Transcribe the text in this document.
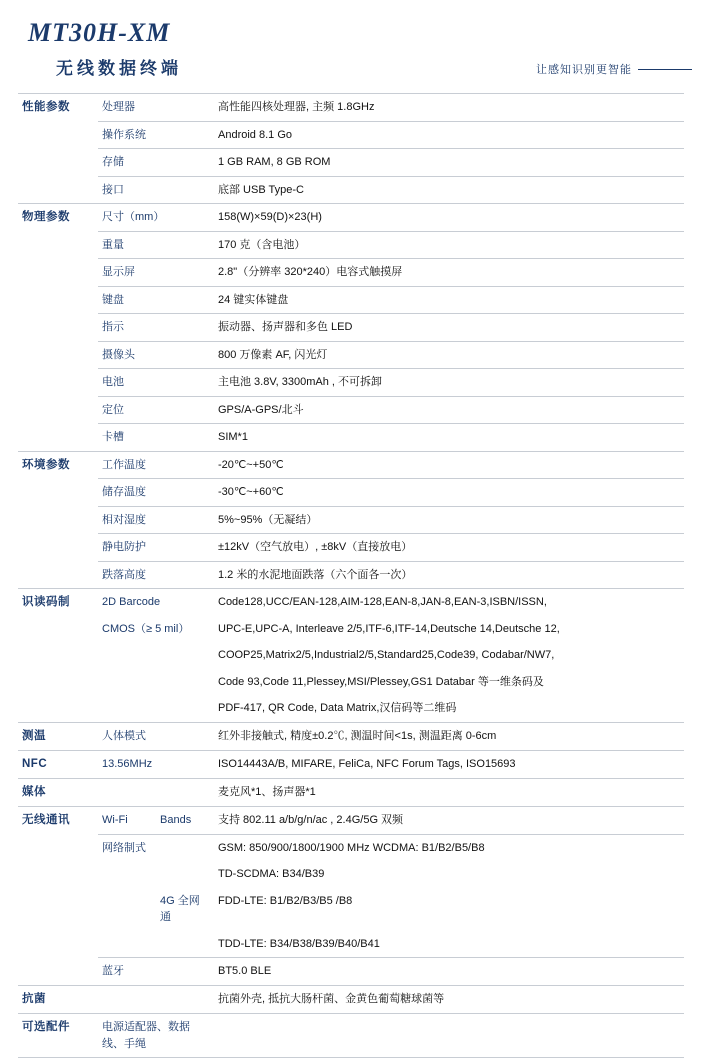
MT30H-XM
无线数据终端	让感知识别更智能
性能参数	处理器		高性能四核处理器, 主频 1.8GHz
	操作系统		Android 8.1 Go
	存储		1 GB RAM, 8 GB ROM
	接口		底部 USB Type-C
物理参数	尺寸（mm）		158(W)×59(D)×23(H)
	重量		170 克（含电池）
	显示屏		2.8"（分辨率 320*240）电容式触摸屏
	键盘		24 键实体键盘
	指示		振动器、扬声器和多色 LED
	摄像头		800 万像素 AF, 闪光灯
	电池		主电池 3.8V, 3300mAh , 不可拆卸
	定位		GPS/A-GPS/北斗
	卡槽		SIM*1
环境参数	工作温度		-20℃~+50℃
	储存温度		-30℃~+60℃
	相对湿度		5%~95%（无凝结）
	静电防护		±12kV（空气放电）, ±8kV（直接放电）
	跌落高度		1.2 米的水泥地面跌落（六个面各一次）
识读码制	2D Barcode		Code128,UCC/EAN-128,AIM-128,EAN-8,JAN-8,EAN-3,ISBN/ISSN,
	CMOS（≥ 5 mil）		UPC-E,UPC-A, Interleave 2/5,ITF-6,ITF-14,Deutsche 14,Deutsche 12,
			COOP25,Matrix2/5,Industrial2/5,Standard25,Code39, Codabar/NW7,
			Code 93,Code 11,Plessey,MSI/Plessey,GS1 Databar 等一维条码及
			PDF-417, QR Code, Data Matrix,汉信码等二维码
测温	人体模式		红外非接触式, 精度±0.2℃, 测温时间<1s, 测温距离 0-6cm
NFC	13.56MHz		ISO14443A/B, MIFARE, FeliCa, NFC Forum Tags, ISO15693
媒体			麦克风*1、扬声器*1
无线通讯	Wi-Fi	Bands	支持 802.11 a/b/g/n/ac , 2.4G/5G 双频
	网络制式		GSM: 850/900/1800/1900 MHz WCDMA: B1/B2/B5/B8
			TD-SCDMA: B34/B39
		4G 全网通	FDD-LTE: B1/B2/B3/B5 /B8
			TDD-LTE: B34/B38/B39/B40/B41
	蓝牙		BT5.0 BLE
抗菌			抗菌外壳, 抵抗大肠杆菌、金黄色葡萄糖球菌等
可选配件	电源适配器、数据线、手绳		
